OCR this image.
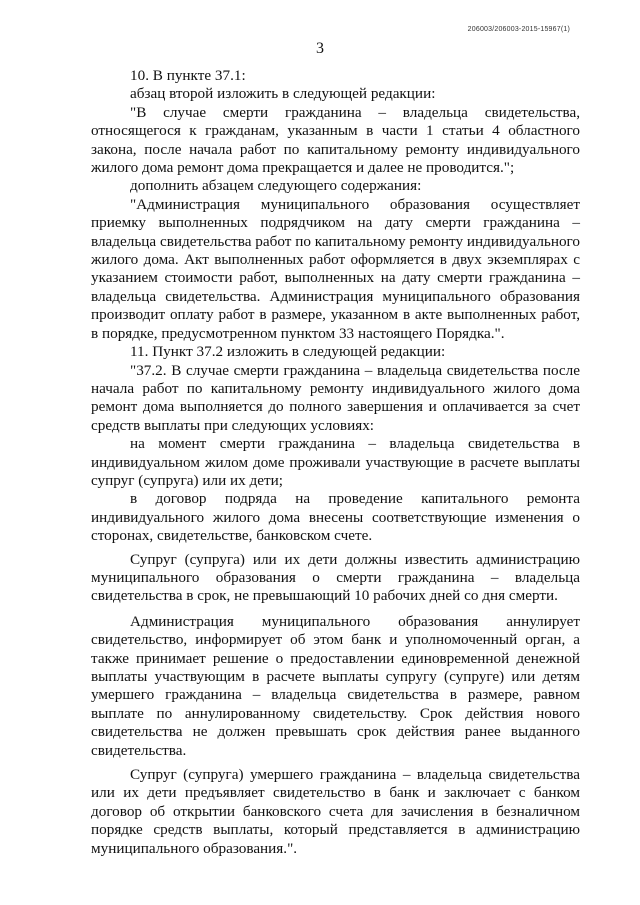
206003/206003-2015-15967(1)
3

10. В пункте 37.1:

абзац второй изложить в следующей редакции:

"В случае смерти гражданина – владельца свидетельства, относящегося к гражданам, указанным в части 1 статьи 4 областного закона, после начала работ по капитальному ремонту индивидуального жилого дома ремонт дома прекращается и далее не проводится.";

дополнить абзацем следующего содержания:

"Администрация муниципального образования осуществляет приемку выполненных подрядчиком на дату смерти гражданина – владельца свидетельства работ по капитальному ремонту индивидуального жилого дома. Акт выполненных работ оформляется в двух экземплярах с указанием стоимости работ, выполненных на дату смерти гражданина – владельца свидетельства. Администрация муниципального образования производит оплату работ в размере, указанном в акте выполненных работ, в порядке, предусмотренном пунктом 33 настоящего Порядка.".

11. Пункт 37.2 изложить в следующей редакции:

"37.2. В случае смерти гражданина – владельца свидетельства после начала работ по капитальному ремонту индивидуального жилого дома ремонт дома выполняется до полного завершения и оплачивается за счет средств выплаты при следующих условиях:

на момент смерти гражданина – владельца свидетельства в индивидуальном жилом доме проживали участвующие в расчете выплаты супруг (супруга) или их дети;

в договор подряда на проведение капитального ремонта индивидуального жилого дома внесены соответствующие изменения о сторонах, свидетельстве, банковском счете.

Супруг (супруга) или их дети должны известить администрацию муниципального образования о смерти гражданина – владельца свидетельства в срок, не превышающий 10 рабочих дней со дня смерти.

Администрация муниципального образования аннулирует свидетельство, информирует об этом банк и уполномоченный орган, а также принимает решение о предоставлении единовременной денежной выплаты участвующим в расчете выплаты супругу (супруге) или детям умершего гражданина – владельца свидетельства в размере, равном выплате по аннулированному свидетельству. Срок действия нового свидетельства не должен превышать срок действия ранее выданного свидетельства.

Супруг (супруга) умершего гражданина – владельца свидетельства или их дети предъявляет свидетельство в банк и заключает с банком договор об открытии банковского счета для зачисления в безналичном порядке средств выплаты, который представляется в администрацию муниципального образования.".
